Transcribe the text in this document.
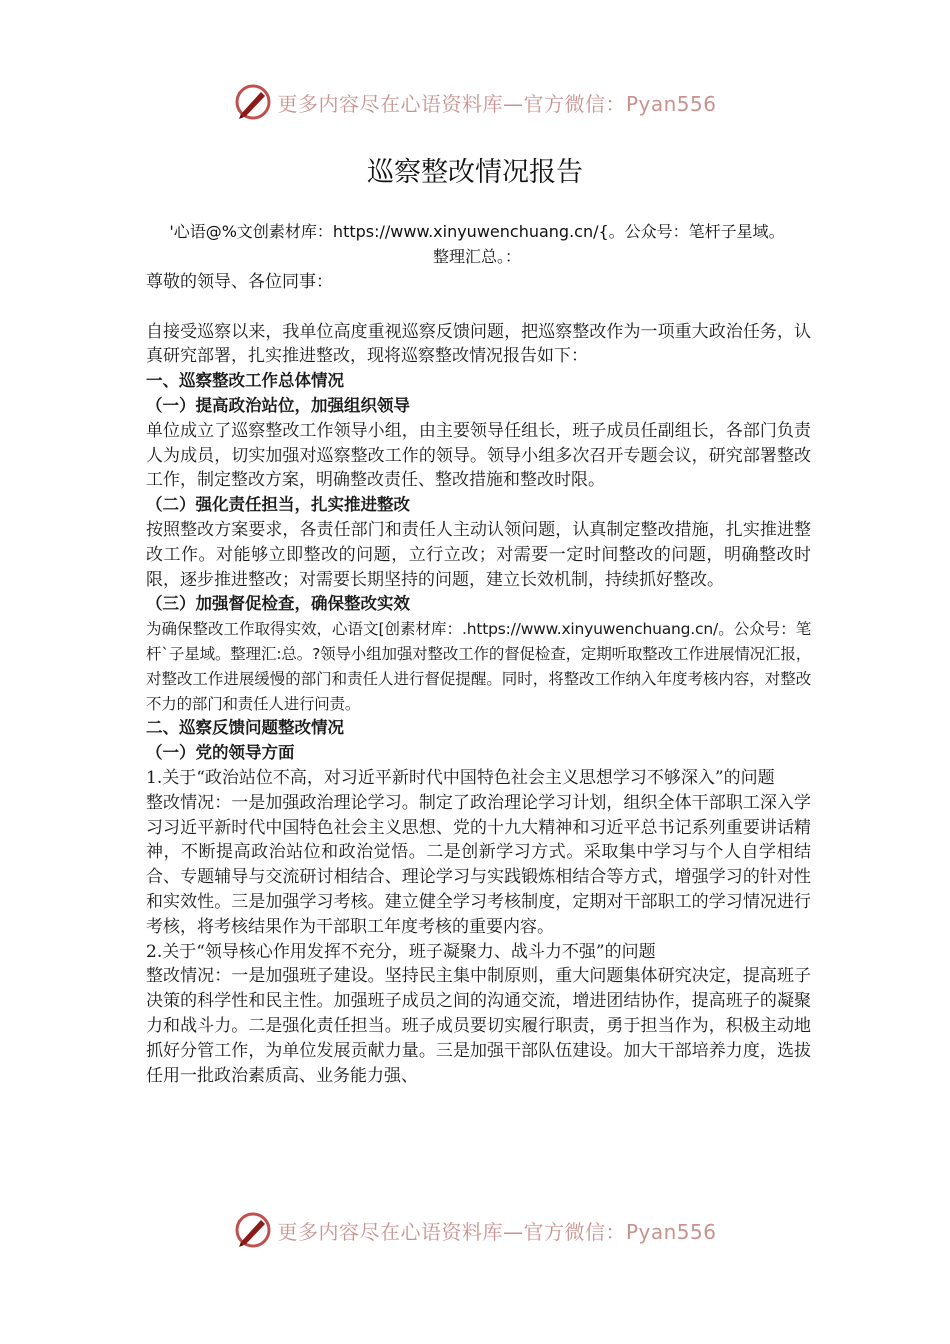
更多内容尽在心语资料库—官方微信：Pyan556
巡察整改情况报告
'心语@%文创素材库：https://www.xinyuwenchuang.cn/{。公众号：笔杆子星域。
整理汇总。：

尊敬的领导、各位同事：

自接受巡察以来，我单位高度重视巡察反馈问题，把巡察整改作为一项重大政治任务，认真研究部署，扎实推进整改，现将巡察整改情况报告如下：

一、巡察整改工作总体情况

（一）提高政治站位，加强组织领导

单位成立了巡察整改工作领导小组，由主要领导任组长，班子成员任副组长，各部门负责人为成员，切实加强对巡察整改工作的领导。领导小组多次召开专题会议，研究部署整改工作，制定整改方案，明确整改责任、整改措施和整改时限。

（二）强化责任担当，扎实推进整改

按照整改方案要求，各责任部门和责任人主动认领问题，认真制定整改措施，扎实推进整改工作。对能够立即整改的问题，立行立改；对需要一定时间整改的问题，明确整改时限，逐步推进整改；对需要长期坚持的问题，建立长效机制，持续抓好整改。

（三）加强督促检查，确保整改实效

为确保整改工作取得实效，心语文[创素材库：.https://www.xinyuwenchuang.cn/。公众号：笔杆`子星域。整理汇:总。?领导小组加强对整改工作的督促检查，定期听取整改工作进展情况汇报，对整改工作进展缓慢的部门和责任人进行督促提醒。同时，将整改工作纳入年度考核内容，对整改不力的部门和责任人进行问责。

二、巡察反馈问题整改情况

（一）党的领导方面

1.关于“政治站位不高，对习近平新时代中国特色社会主义思想学习不够深入”的问题

整改情况：一是加强政治理论学习。制定了政治理论学习计划，组织全体干部职工深入学习习近平新时代中国特色社会主义思想、党的十九大精神和习近平总书记系列重要讲话精神，不断提高政治站位和政治觉悟。二是创新学习方式。采取集中学习与个人自学相结合、专题辅导与交流研讨相结合、理论学习与实践锻炼相结合等方式，增强学习的针对性和实效性。三是加强学习考核。建立健全学习考核制度，定期对干部职工的学习情况进行考核，将考核结果作为干部职工年度考核的重要内容。

2.关于“领导核心作用发挥不充分，班子凝聚力、战斗力不强”的问题

整改情况：一是加强班子建设。坚持民主集中制原则，重大问题集体研究决定，提高班子决策的科学性和民主性。加强班子成员之间的沟通交流，增进团结协作，提高班子的凝聚力和战斗力。二是强化责任担当。班子成员要切实履行职责，勇于担当作为，积极主动地抓好分管工作，为单位发展贡献力量。三是加强干部队伍建设。加大干部培养力度，选拔任用一批政治素质高、业务能力强、

更多内容尽在心语资料库—官方微信：Pyan556
